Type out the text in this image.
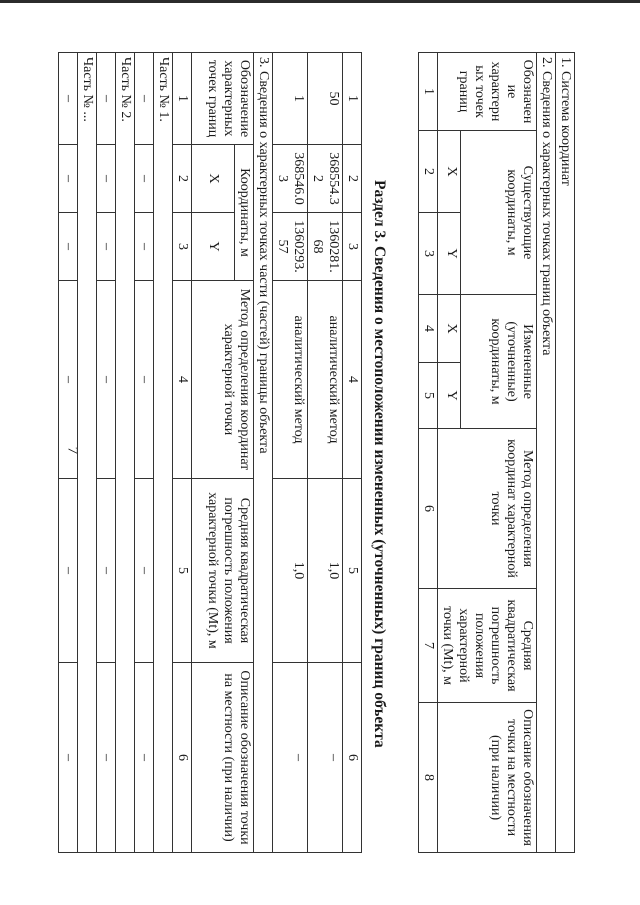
7
1	2	3	4	5	6
50	368554.32	1360281.68	аналитический метод	1,0	–
1	368546.03	1360293.57	аналитический метод	1,0	–
3. Сведения о характерных точках части (частей) границы объекта					
Обозначение характерных точек границ	Координаты, м		Метод определения координат характерной точки	Средняя квадратическая погрешность положения характерной точки (Mt), м	Описание обозначения точки на местности (при наличии)
	X	Y			
1	2	3	4	5	6
Часть № 1.					
–	–	–	–	–	–
Часть № 2.					
–	–	–	–	–	–
Часть № ...					
–	–	–	–	–	–
Раздел 3. Сведения о местоположении измененных (уточненных) границ объекта
1. Система координат							
2. Сведения о характерных точках границ объекта							
Обозначение характерных точек границ	Существующие координаты, м		Измененные (уточненные) координаты, м		Метод определения координат характерной точки	Средняя квадратическая погрешность положения характерной точки (Mt), м	Описание обозначения точки на местности (при наличии)
	X	Y	X	Y			
1	2	3	4	5	6	7	8
